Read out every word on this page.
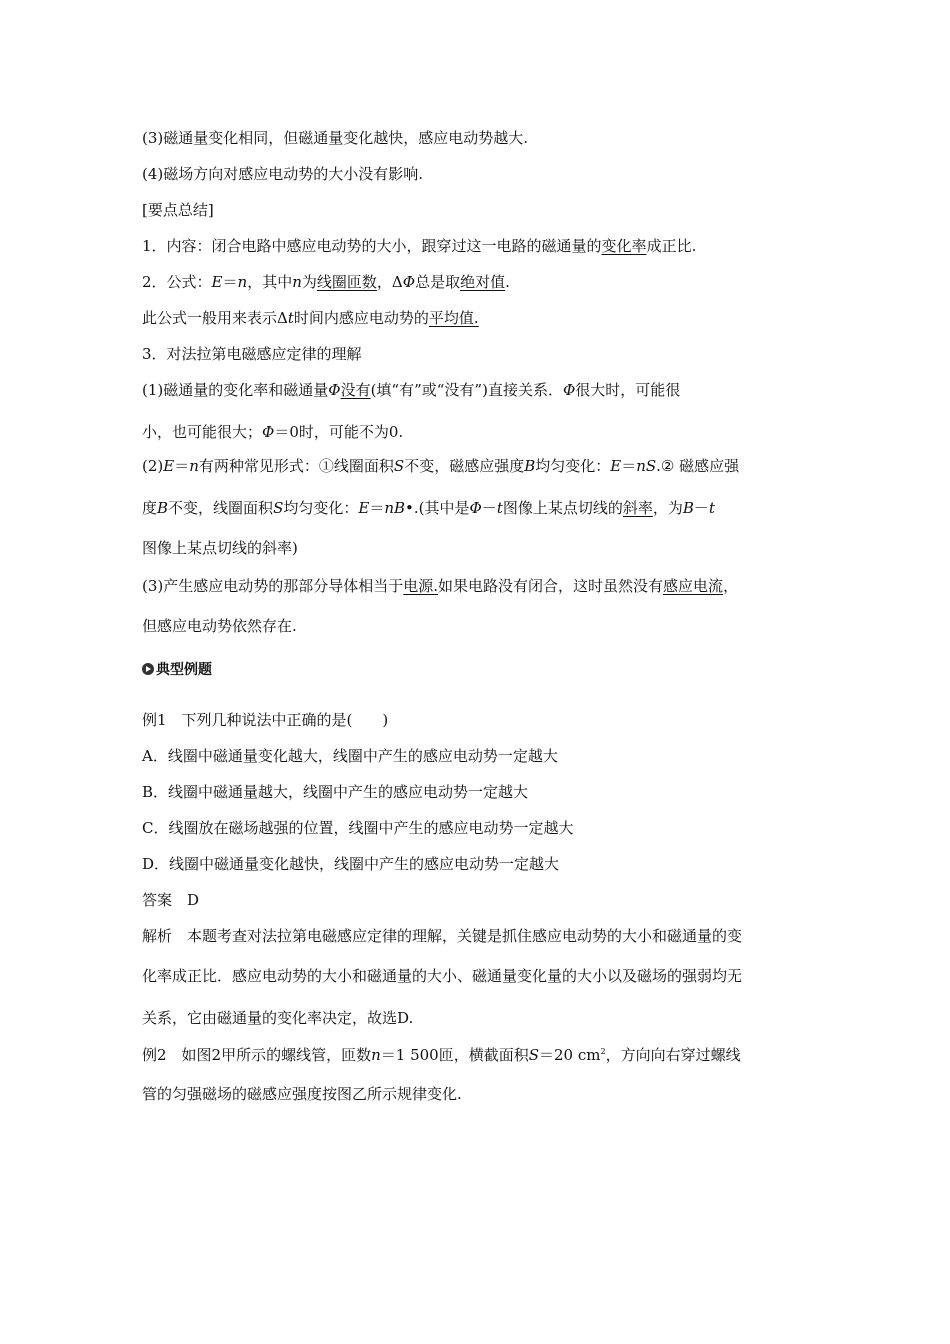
(3)磁通量变化相同，但磁通量变化越快，感应电动势越大.
(4)磁场方向对感应电动势的大小没有影响.
[要点总结]
1．内容：闭合电路中感应电动势的大小，跟穿过这一电路的磁通量的变化率成正比.
2．公式：E＝n，其中n为线圈匝数，ΔΦ总是取绝对值.
此公式一般用来表示Δt时间内感应电动势的平均值.
3．对法拉第电磁感应定律的理解
(1)磁通量的变化率和磁通量Φ没有(填“有”或“没有”)直接关系．Φ很大时，可能很
小，也可能很大；Φ＝0时，可能不为0.
(2)E＝n有两种常见形式：①线圈面积S不变，磁感应强度B均匀变化：E＝nS.② 磁感应强
度B不变，线圈面积S均匀变化：E＝nB•.(其中是Φ－t图像上某点切线的斜率，为B－t
图像上某点切线的斜率)
(3)产生感应电动势的那部分导体相当于电源.如果电路没有闭合，这时虽然没有感应电流，
但感应电动势依然存在.
典型例题
例1　下列几种说法中正确的是(　　)
A．线圈中磁通量变化越大，线圈中产生的感应电动势一定越大
B．线圈中磁通量越大，线圈中产生的感应电动势一定越大
C．线圈放在磁场越强的位置，线圈中产生的感应电动势一定越大
D．线圈中磁通量变化越快，线圈中产生的感应电动势一定越大
答案　D
解析　本题考查对法拉第电磁感应定律的理解，关键是抓住感应电动势的大小和磁通量的变
化率成正比．感应电动势的大小和磁通量的大小、磁通量变化量的大小以及磁场的强弱均无
关系，它由磁通量的变化率决定，故选D.
例2　如图2甲所示的螺线管，匝数n＝1 500匝，横截面积S＝20 $cm^2$，方向向右穿过螺线
管的匀强磁场的磁感应强度按图乙所示规律变化.
